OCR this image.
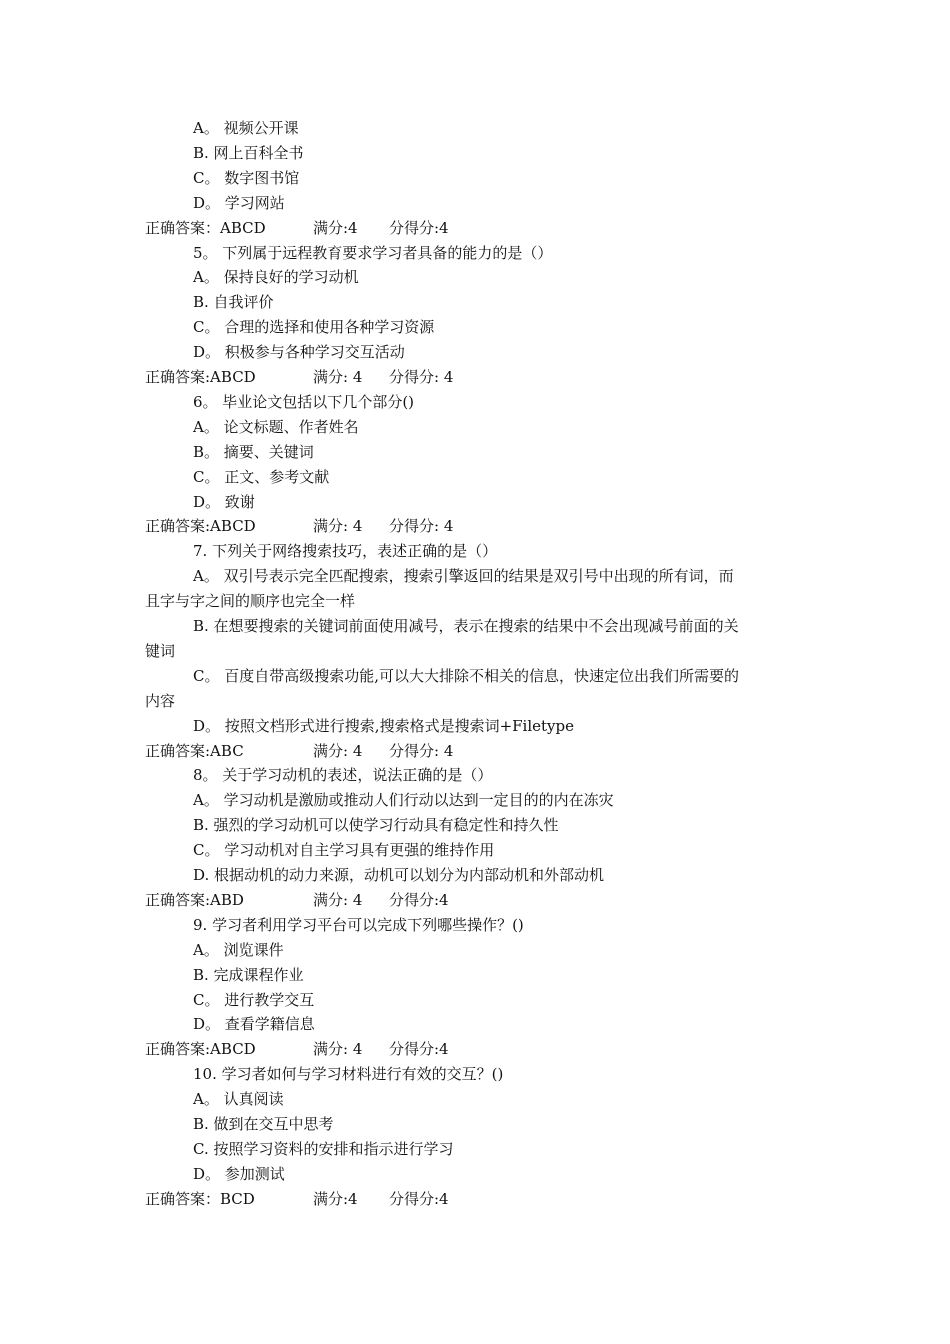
A。 视频公开课
B. 网上百科全书
C。 数字图书馆
D。 学习网站
正确答案：ABCD	满分:4 分得分:4
5。 下列属于远程教育要求学习者具备的能力的是（）
A。 保持良好的学习动机
B. 自我评价
C。 合理的选择和使用各种学习资源
D。 积极参与各种学习交互活动
正确答案:ABCD	满分: 4 分得分: 4
6。 毕业论文包括以下几个部分()
A。 论文标题、作者姓名
B。 摘要、关键词
C。 正文、参考文献
D。 致谢
正确答案:ABCD	满分: 4 分得分: 4
7. 下列关于网络搜索技巧，表述正确的是（）
A。 双引号表示完全匹配搜索，搜索引擎返回的结果是双引号中出现的所有词，而
且字与字之间的顺序也完全一样
B. 在想要搜索的关键词前面使用减号，表示在搜索的结果中不会出现减号前面的关
键词
C。 百度自带高级搜索功能,可以大大排除不相关的信息，快速定位出我们所需要的
内容
D。 按照文档形式进行搜索,搜索格式是搜索词+Filetype
正确答案:ABC	满分: 4 分得分: 4
8。 关于学习动机的表述，说法正确的是（）
A。 学习动机是激励或推动人们行动以达到一定目的的内在冻灾
B. 强烈的学习动机可以使学习行动具有稳定性和持久性
C。 学习动机对自主学习具有更强的维持作用
D. 根据动机的动力来源，动机可以划分为内部动机和外部动机
正确答案:ABD	满分: 4 分得分:4
9. 学习者利用学习平台可以完成下列哪些操作？()
A。 浏览课件
B. 完成课程作业
C。 进行教学交互
D。 查看学籍信息
正确答案:ABCD	满分: 4 分得分:4
10. 学习者如何与学习材料进行有效的交互？()
A。 认真阅读
B. 做到在交互中思考
C. 按照学习资料的安排和指示进行学习
D。 参加测试
正确答案：BCD	满分:4 分得分:4
